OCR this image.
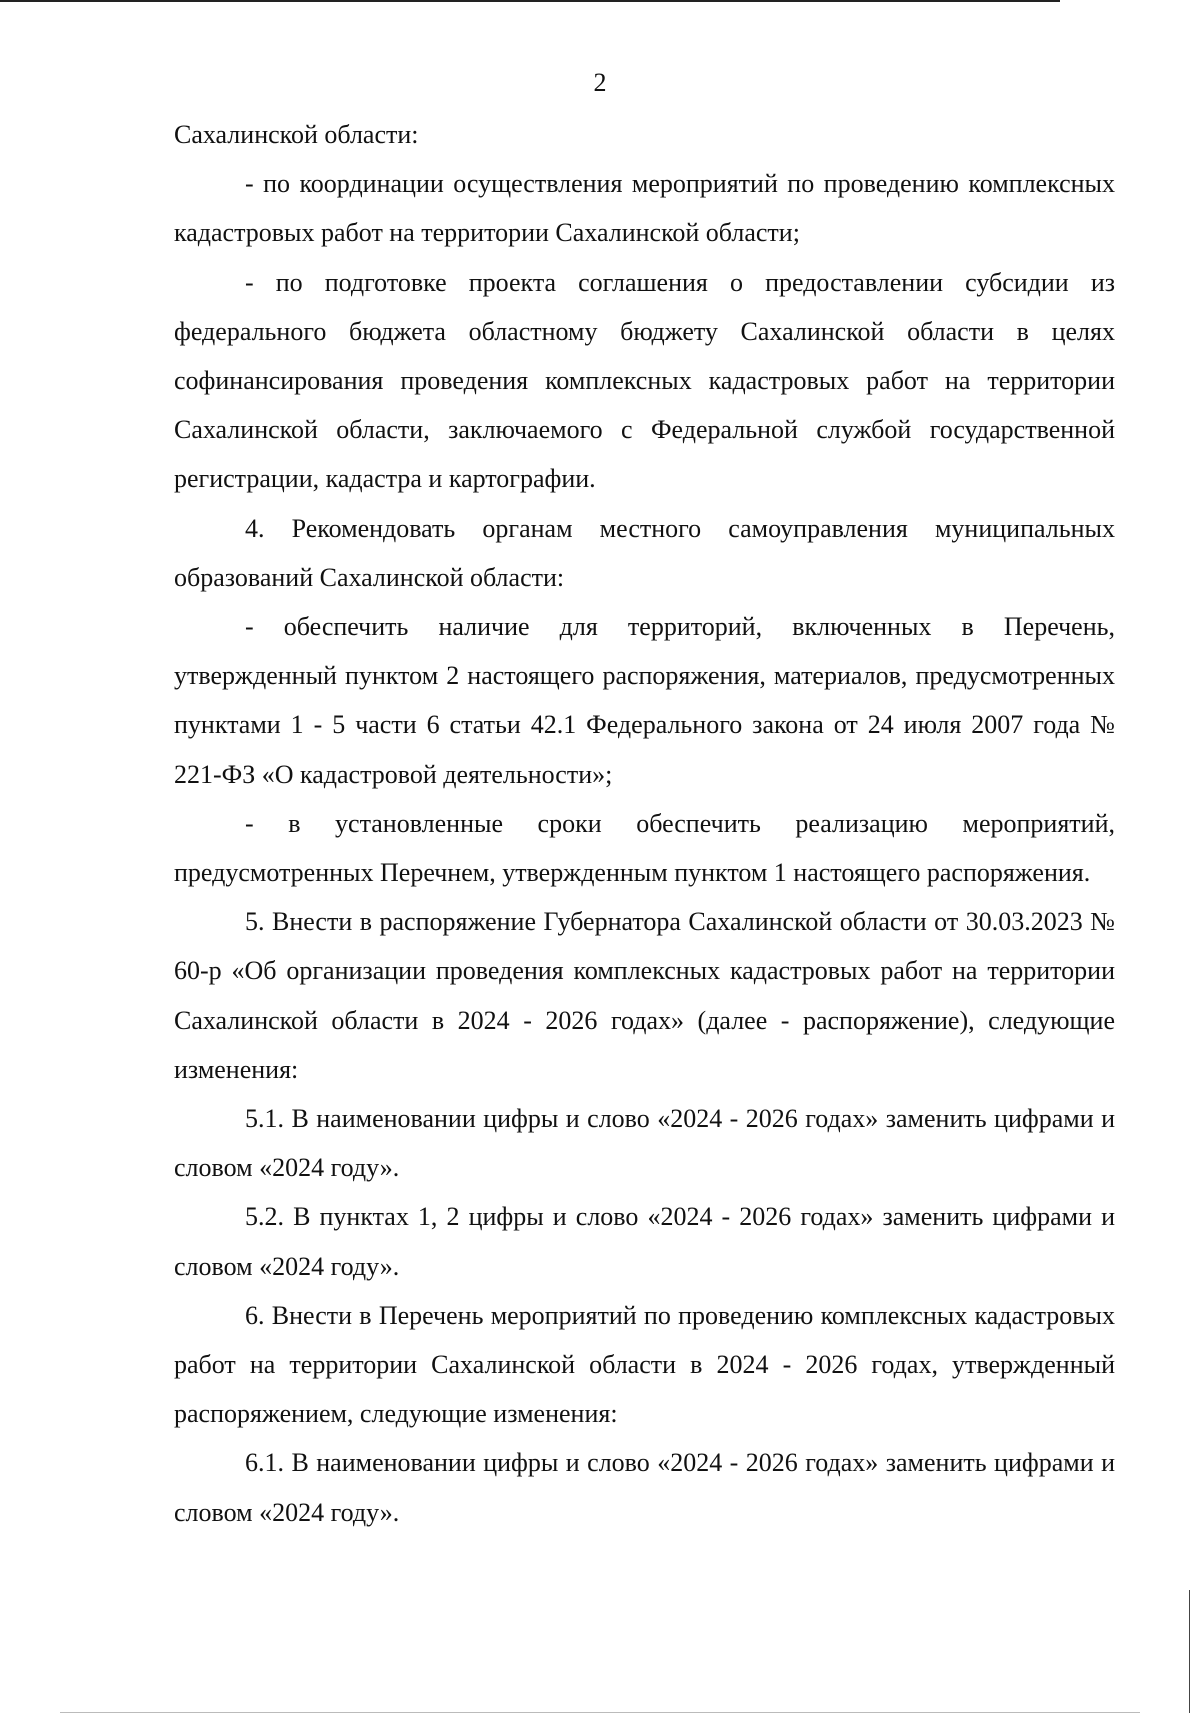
2

Сахалинской области:

- по координации осуществления мероприятий по проведению комплексных кадастровых работ на территории Сахалинской области;

- по подготовке проекта соглашения о предоставлении субсидии из федерального бюджета областному бюджету Сахалинской области в целях софинансирования проведения комплексных кадастровых работ на территории Сахалинской области, заключаемого с Федеральной службой государственной регистрации, кадастра и картографии.

4. Рекомендовать органам местного самоуправления муниципальных образований Сахалинской области:

- обеспечить наличие для территорий, включенных в Перечень, утвержденный пунктом 2 настоящего распоряжения, материалов, предусмотренных пунктами 1 - 5 части 6 статьи 42.1 Федерального закона от 24 июля 2007 года № 221-ФЗ «О кадастровой деятельности»;

- в установленные сроки обеспечить реализацию мероприятий, предусмотренных Перечнем, утвержденным пунктом 1 настоящего распоряжения.

5. Внести в распоряжение Губернатора Сахалинской области от 30.03.2023 № 60-р «Об организации проведения комплексных кадастровых работ на территории Сахалинской области в 2024 - 2026 годах» (далее - распоряжение), следующие изменения:

5.1. В наименовании цифры и слово «2024 - 2026 годах» заменить цифрами и словом «2024 году».

5.2. В пунктах 1, 2 цифры и слово «2024 - 2026 годах» заменить цифрами и словом «2024 году».

6. Внести в Перечень мероприятий по проведению комплексных кадастровых работ на территории Сахалинской области в 2024 - 2026 годах, утвержденный распоряжением, следующие изменения:

6.1. В наименовании цифры и слово «2024 - 2026 годах» заменить цифрами и словом «2024 году».
